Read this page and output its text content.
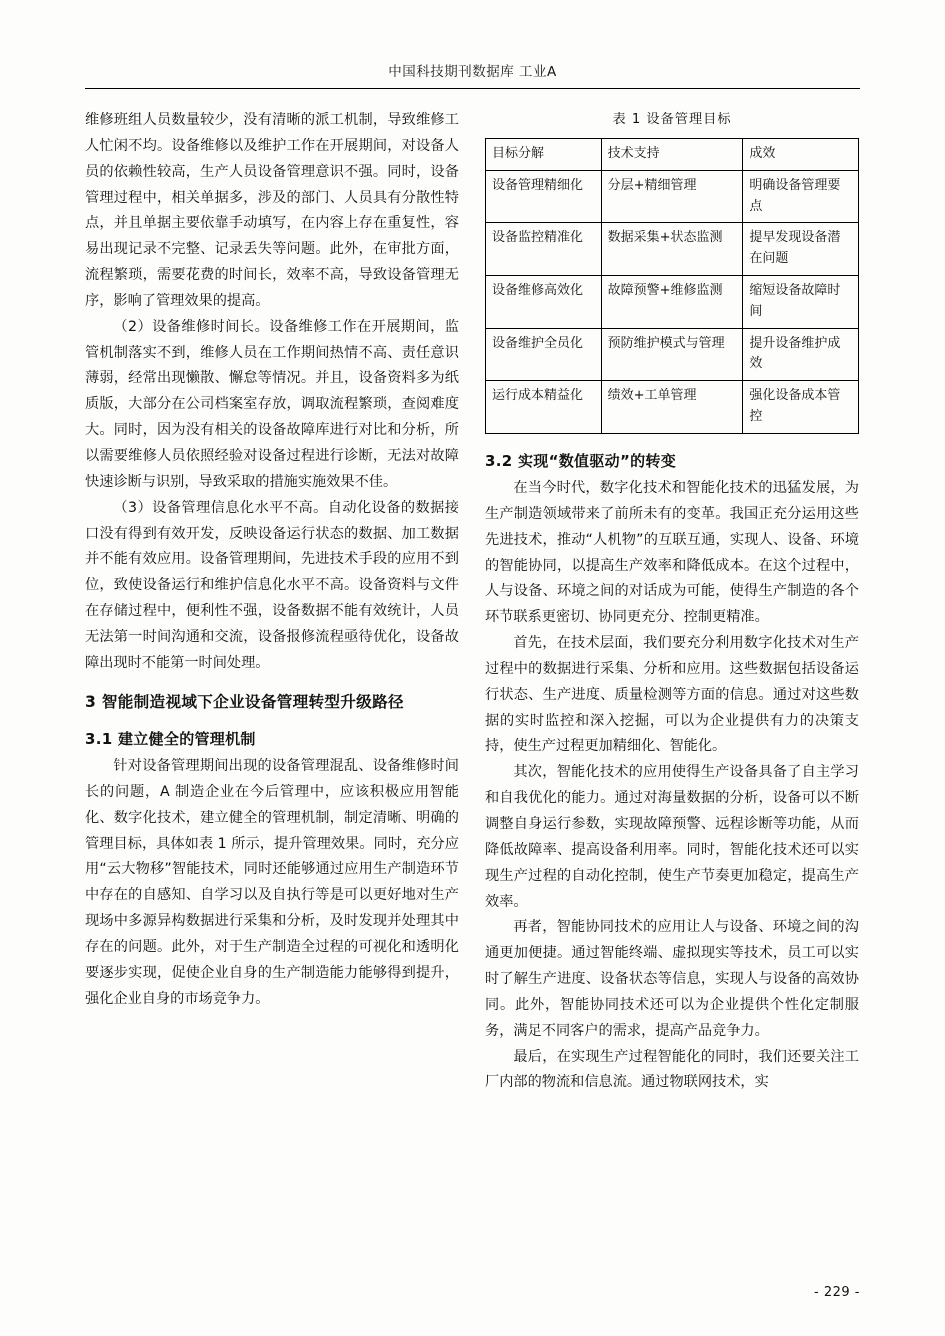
中国科技期刊数据库 工业A

维修班组人员数量较少，没有清晰的派工机制，导致维修工人忙闲不均。设备维修以及维护工作在开展期间，对设备人员的依赖性较高，生产人员设备管理意识不强。同时，设备管理过程中，相关单据多，涉及的部门、人员具有分散性特点，并且单据主要依靠手动填写，在内容上存在重复性，容易出现记录不完整、记录丢失等问题。此外，在审批方面，流程繁琐，需要花费的时间长，效率不高，导致设备管理无序，影响了管理效果的提高。

（2）设备维修时间长。设备维修工作在开展期间，监管机制落实不到，维修人员在工作期间热情不高、责任意识薄弱，经常出现懒散、懈怠等情况。并且，设备资料多为纸质版，大部分在公司档案室存放，调取流程繁琐，查阅难度大。同时，因为没有相关的设备故障库进行对比和分析，所以需要维修人员依照经验对设备过程进行诊断，无法对故障快速诊断与识别，导致采取的措施实施效果不佳。

（3）设备管理信息化水平不高。自动化设备的数据接口没有得到有效开发，反映设备运行状态的数据、加工数据并不能有效应用。设备管理期间，先进技术手段的应用不到位，致使设备运行和维护信息化水平不高。设备资料与文件在存储过程中，便利性不强，设备数据不能有效统计，人员无法第一时间沟通和交流，设备报修流程亟待优化，设备故障出现时不能第一时间处理。

3 智能制造视域下企业设备管理转型升级路径
3.1 建立健全的管理机制

针对设备管理期间出现的设备管理混乱、设备维修时间长的问题，A 制造企业在今后管理中，应该积极应用智能化、数字化技术，建立健全的管理机制，制定清晰、明确的管理目标，具体如表 1 所示，提升管理效果。同时，充分应用“云大物移”智能技术，同时还能够通过应用生产制造环节中存在的自感知、自学习以及自执行等是可以更好地对生产现场中多源异构数据进行采集和分析，及时发现并处理其中存在的问题。此外，对于生产制造全过程的可视化和透明化要逐步实现，促使企业自身的生产制造能力能够得到提升，强化企业自身的市场竞争力。

表 1 设备管理目标
目标分解	技术支持	成效
设备管理精细化	分层+精细管理	明确设备管理要点
设备监控精准化	数据采集+状态监测	提早发现设备潜在问题
设备维修高效化	故障预警+维修监测	缩短设备故障时间
设备维护全员化	预防维护模式与管理	提升设备维护成效
运行成本精益化	绩效+工单管理	强化设备成本管控
3.2 实现“数值驱动”的转变

在当今时代，数字化技术和智能化技术的迅猛发展，为生产制造领域带来了前所未有的变革。我国正充分运用这些先进技术，推动“人机物”的互联互通，实现人、设备、环境的智能协同，以提高生产效率和降低成本。在这个过程中，人与设备、环境之间的对话成为可能，使得生产制造的各个环节联系更密切、协同更充分、控制更精准。

首先，在技术层面，我们要充分利用数字化技术对生产过程中的数据进行采集、分析和应用。这些数据包括设备运行状态、生产进度、质量检测等方面的信息。通过对这些数据的实时监控和深入挖掘，可以为企业提供有力的决策支持，使生产过程更加精细化、智能化。

其次，智能化技术的应用使得生产设备具备了自主学习和自我优化的能力。通过对海量数据的分析，设备可以不断调整自身运行参数，实现故障预警、远程诊断等功能，从而降低故障率、提高设备利用率。同时，智能化技术还可以实现生产过程的自动化控制，使生产节奏更加稳定，提高生产效率。

再者，智能协同技术的应用让人与设备、环境之间的沟通更加便捷。通过智能终端、虚拟现实等技术，员工可以实时了解生产进度、设备状态等信息，实现人与设备的高效协同。此外，智能协同技术还可以为企业提供个性化定制服务，满足不同客户的需求，提高产品竞争力。

最后，在实现生产过程智能化的同时，我们还要关注工厂内部的物流和信息流。通过物联网技术，实

- 229 -
